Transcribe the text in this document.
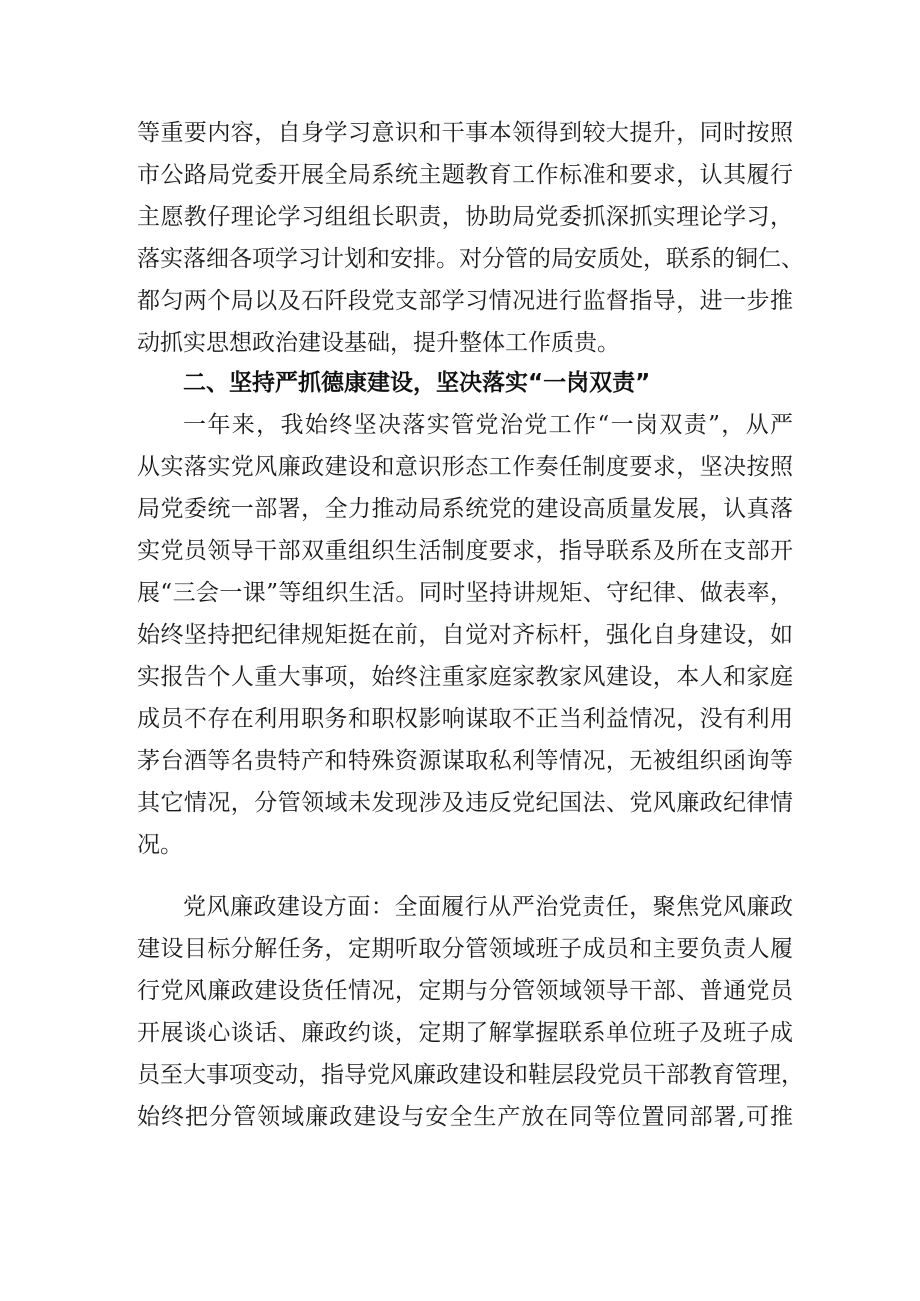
等重要内容，自身学习意识和干事本领得到较大提升，同时按照
市公路局党委开展全局系统主题教育工作标准和要求，认其履行
主愿教仔理论学习组组长职责，协助局党委抓深抓实理论学习，
落实落细各项学习计划和安排。对分管的局安质处，联系的铜仁、
都匀两个局以及石阡段党支部学习情况进行监督指导，进一步推
动抓实思想政治建设基础，提升整体工作质贵。
二、坚持严抓德康建设，坚决落实“一岗双责”
一年来，我始终坚决落实管党治党工作“一岗双责”，从严
从实落实党风廉政建设和意识形态工作奏任制度要求，坚决按照
局党委统一部署，全力推动局系统党的建设高质量发展，认真落
实党员领导干部双重组织生活制度要求，指导联系及所在支部开
展“三会一课”等组织生活。同时坚持讲规矩、守纪律、做表率，
始终坚持把纪律规矩挺在前，自觉对齐标杆，强化自身建设，如
实报告个人重大事项，始终注重家庭家教家风建设，本人和家庭
成员不存在利用职务和职权影响谋取不正当利益情况，没有利用
茅台酒等名贵特产和特殊资源谋取私利等情况，无被组织函询等
其它情况，分管领域未发现涉及违反党纪国法、党风廉政纪律情
况。
党风廉政建设方面：全面履行从严治党责任，聚焦党风廉政
建设目标分解任务，定期听取分管领域班子成员和主要负责人履
行党风廉政建设货任情况，定期与分管领域领导干部、普通党员
开展谈心谈话、廉政约谈，定期了解掌握联系单位班子及班子成
员至大事项变动，指导党风廉政建设和鞋层段党员干部教育管理，
始终把分管领域廉政建设与安全生产放在同等位置同部署,可推
